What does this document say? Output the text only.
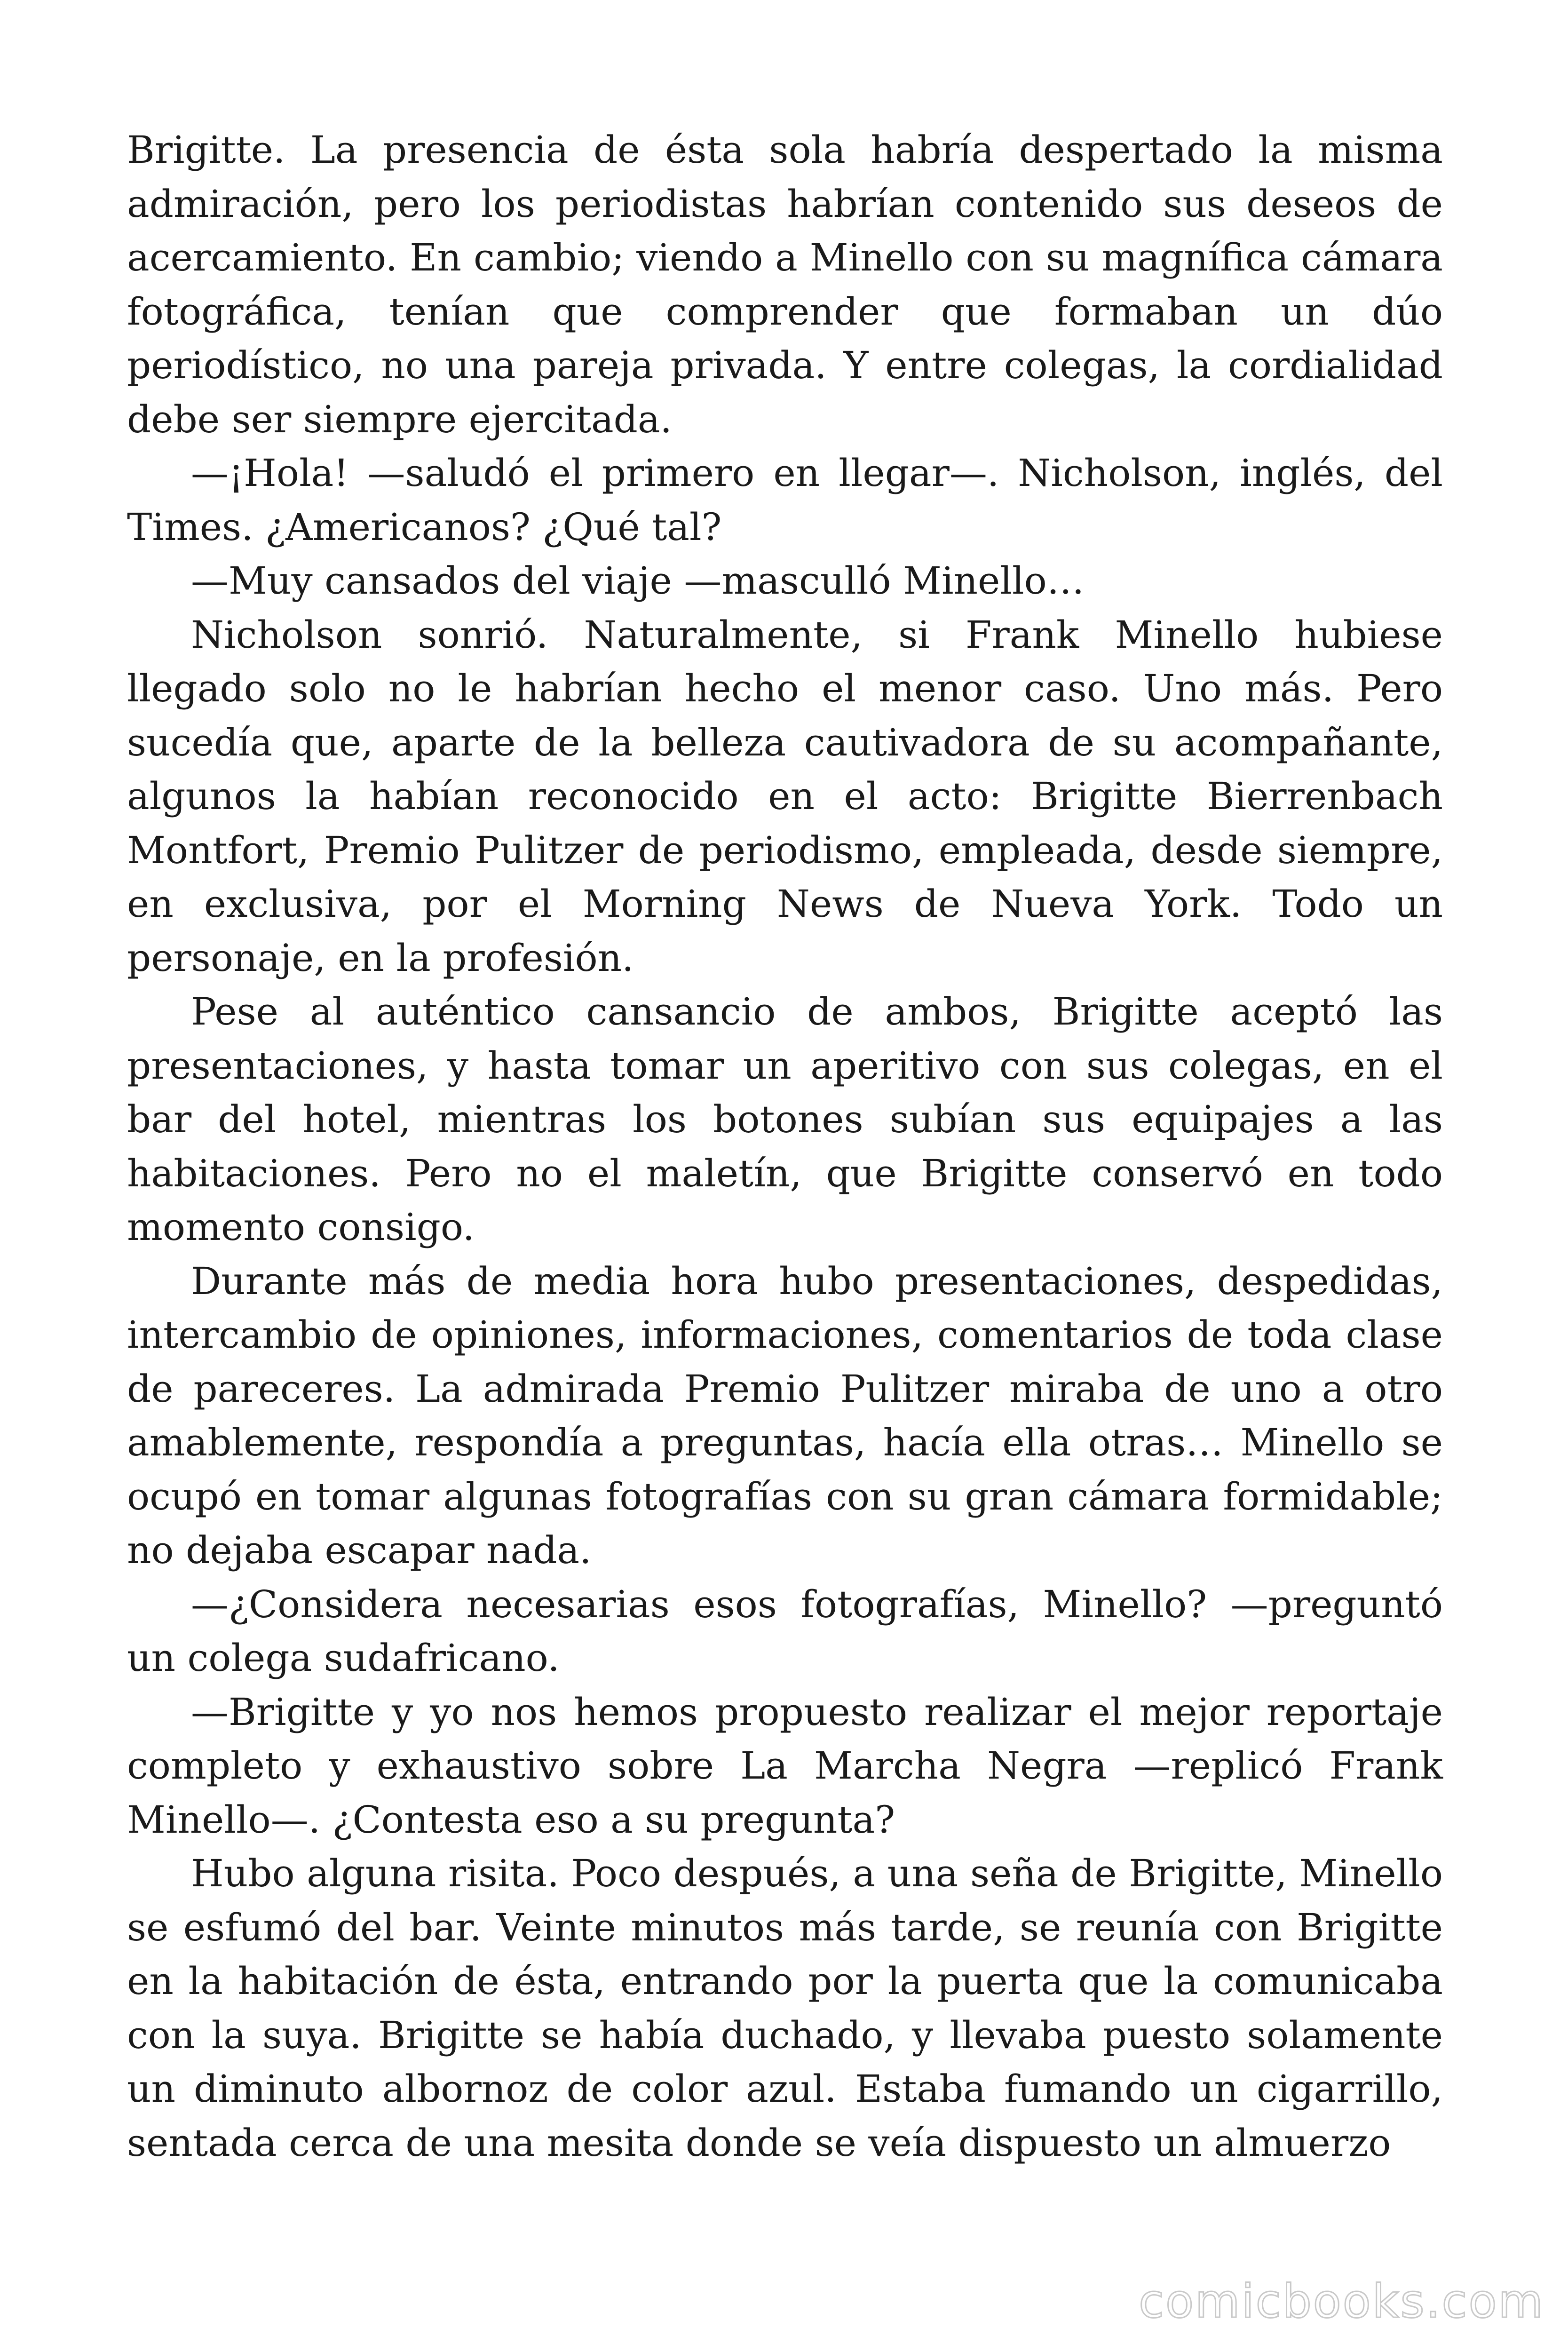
Brigitte. La presencia de ésta sola habría despertado la misma admiración, pero los periodistas habrían contenido sus deseos de acercamiento. En cambio; viendo a Minello con su magnífica cámara fotográfica, tenían que comprender que formaban un dúo periodístico, no una pareja privada. Y entre colegas, la cordialidad debe ser siempre ejercitada.

—¡Hola! —saludó el primero en llegar—. Nicholson, inglés, del Times. ¿Americanos? ¿Qué tal?

—Muy cansados del viaje —masculló Minello…

Nicholson sonrió. Naturalmente, si Frank Minello hubiese llegado solo no le habrían hecho el menor caso. Uno más. Pero sucedía que, aparte de la belleza cautivadora de su acompañante, algunos la habían reconocido en el acto: Brigitte Bierrenbach Montfort, Premio Pulitzer de periodismo, empleada, desde siempre, en exclusiva, por el Morning News de Nueva York. Todo un personaje, en la profesión.

Pese al auténtico cansancio de ambos, Brigitte aceptó las presentaciones, y hasta tomar un aperitivo con sus colegas, en el bar del hotel, mientras los botones subían sus equipajes a las habitaciones. Pero no el maletín, que Brigitte conservó en todo momento consigo.

Durante más de media hora hubo presentaciones, despedidas, intercambio de opiniones, informaciones, comentarios de toda clase de pareceres. La admirada Premio Pulitzer miraba de uno a otro amablemente, respondía a preguntas, hacía ella otras… Minello se ocupó en tomar algunas fotografías con su gran cámara formidable; no dejaba escapar nada.

—¿Considera necesarias esos fotografías, Minello? —preguntó un colega sudafricano.

—Brigitte y yo nos hemos propuesto realizar el mejor reportaje completo y exhaustivo sobre La Marcha Negra —replicó Frank Minello—. ¿Contesta eso a su pregunta?

Hubo alguna risita. Poco después, a una seña de Brigitte, Minello se esfumó del bar. Veinte minutos más tarde, se reunía con Brigitte en la habitación de ésta, entrando por la puerta que la comunicaba con la suya. Brigitte se había duchado, y llevaba puesto solamente un diminuto albornoz de color azul. Estaba fumando un cigarrillo, sentada cerca de una mesita donde se veía dispuesto un almuerzo

comicbooks.com
